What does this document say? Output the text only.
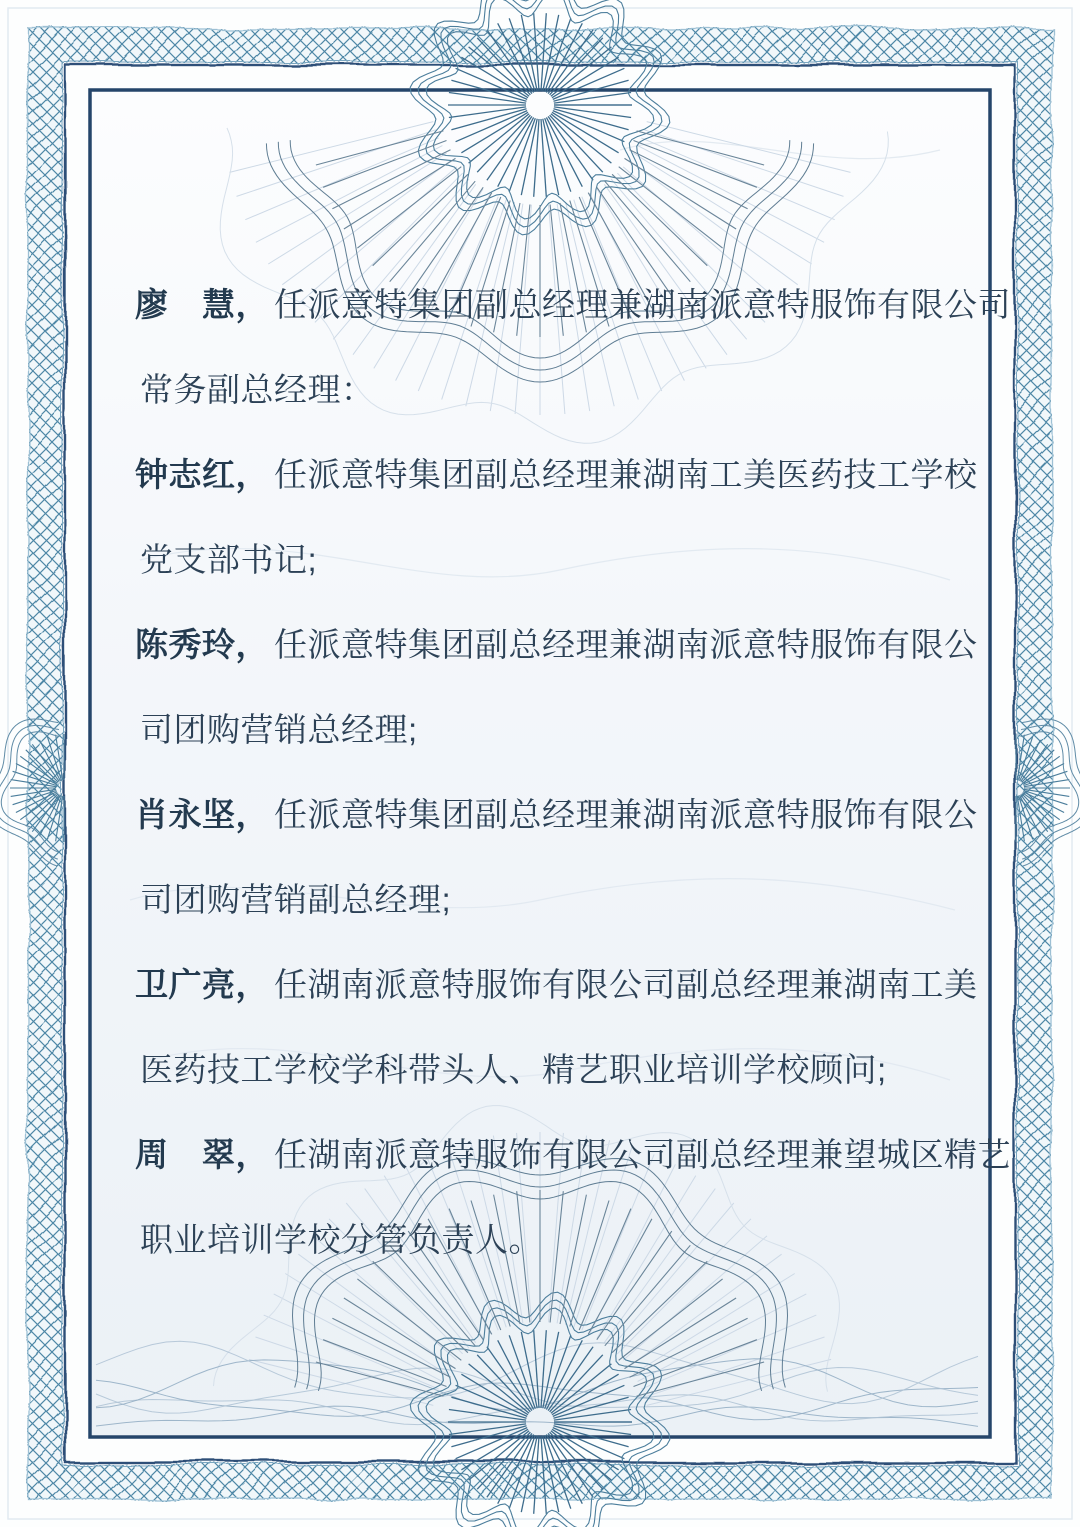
廖　慧， 任派意特集团副总经理兼湖南派意特服饰有限公司
常务副总经理：
钟志红， 任派意特集团副总经理兼湖南工美医药技工学校
党支部书记;
陈秀玲， 任派意特集团副总经理兼湖南派意特服饰有限公
司团购营销总经理;
肖永坚， 任派意特集团副总经理兼湖南派意特服饰有限公
司团购营销副总经理;
卫广亮， 任湖南派意特服饰有限公司副总经理兼湖南工美
医药技工学校学科带头人、精艺职业培训学校顾问;
周　翠， 任湖南派意特服饰有限公司副总经理兼望城区精艺
职业培训学校分管负责人。
